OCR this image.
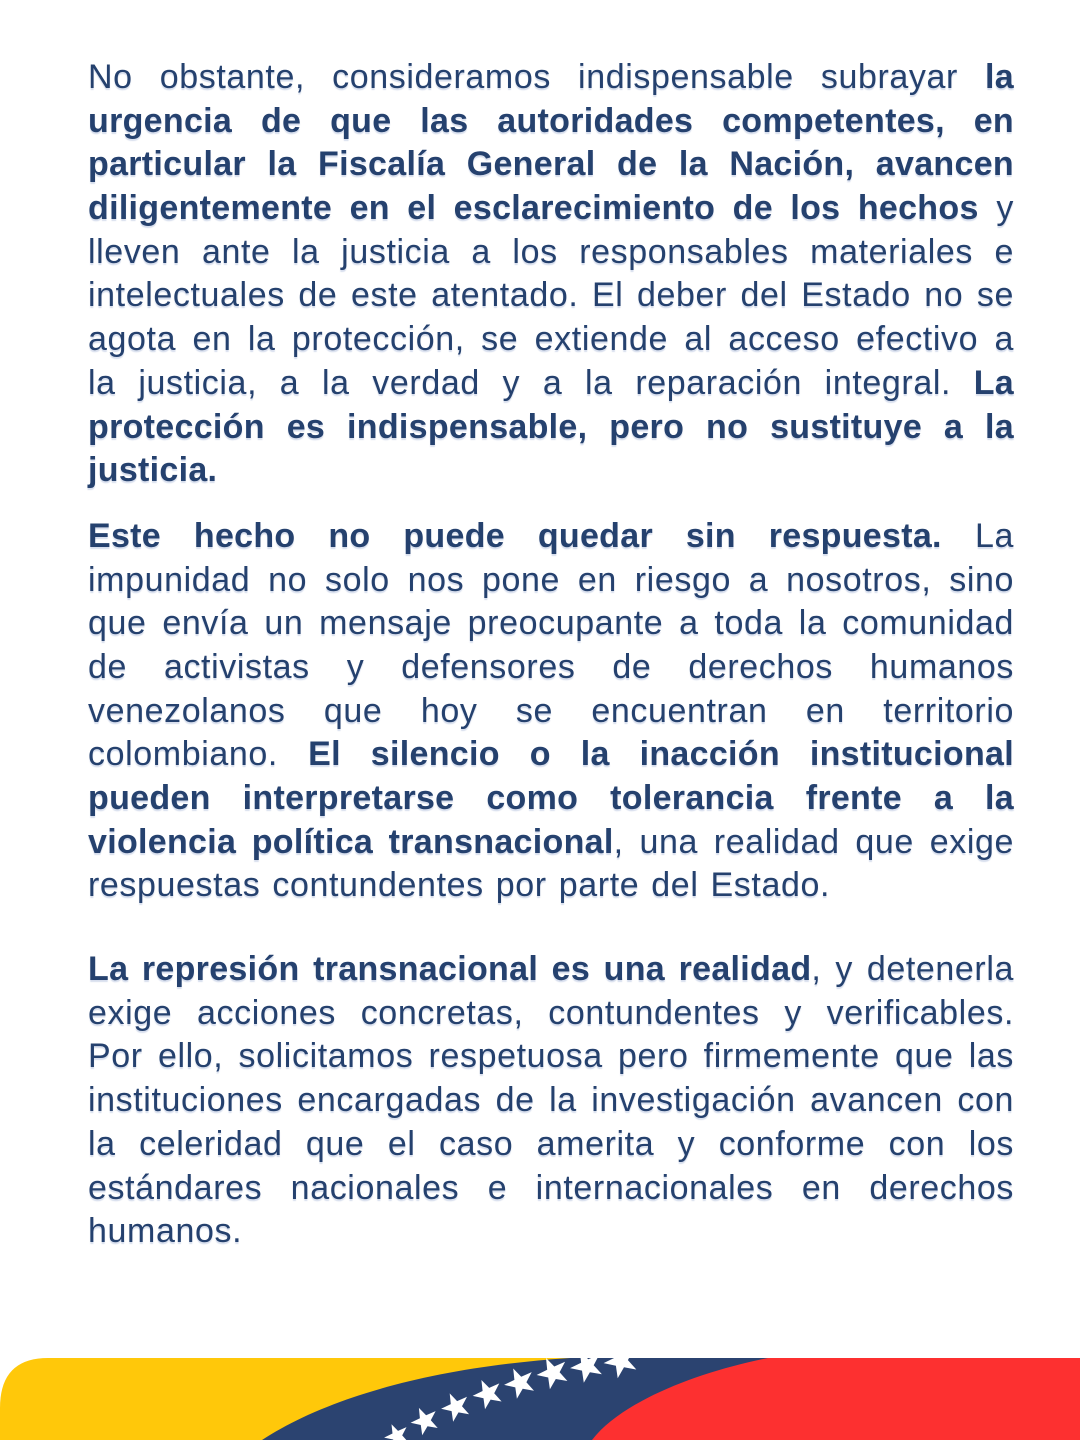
No obstante, consideramos indispensable subrayar la urgencia de que las autoridades competentes, en particular la Fiscalía General de la Nación, avancen diligentemente en el esclarecimiento de los hechos y lleven ante la justicia a los responsables materiales e intelectuales de este atentado. El deber del Estado no se agota en la protección, se extiende al acceso efectivo a la justicia, a la verdad y a la reparación integral. La protección es indispensable, pero no sustituye a la justicia.

Este hecho no puede quedar sin respuesta. La impunidad no solo nos pone en riesgo a nosotros, sino que envía un mensaje preocupante a toda la comunidad de activistas y defensores de derechos humanos venezolanos que hoy se encuentran en territorio colombiano. El silencio o la inacción institucional pueden interpretarse como tolerancia frente a la violencia política transnacional, una realidad que exige respuestas contundentes por parte del Estado.

La represión transnacional es una realidad, y detenerla exige acciones concretas, contundentes y verificables. Por ello, solicitamos respetuosa pero firmemente que las instituciones encargadas de la investigación avancen con la celeridad que el caso amerita y conforme con los estándares nacionales e internacionales en derechos humanos.
